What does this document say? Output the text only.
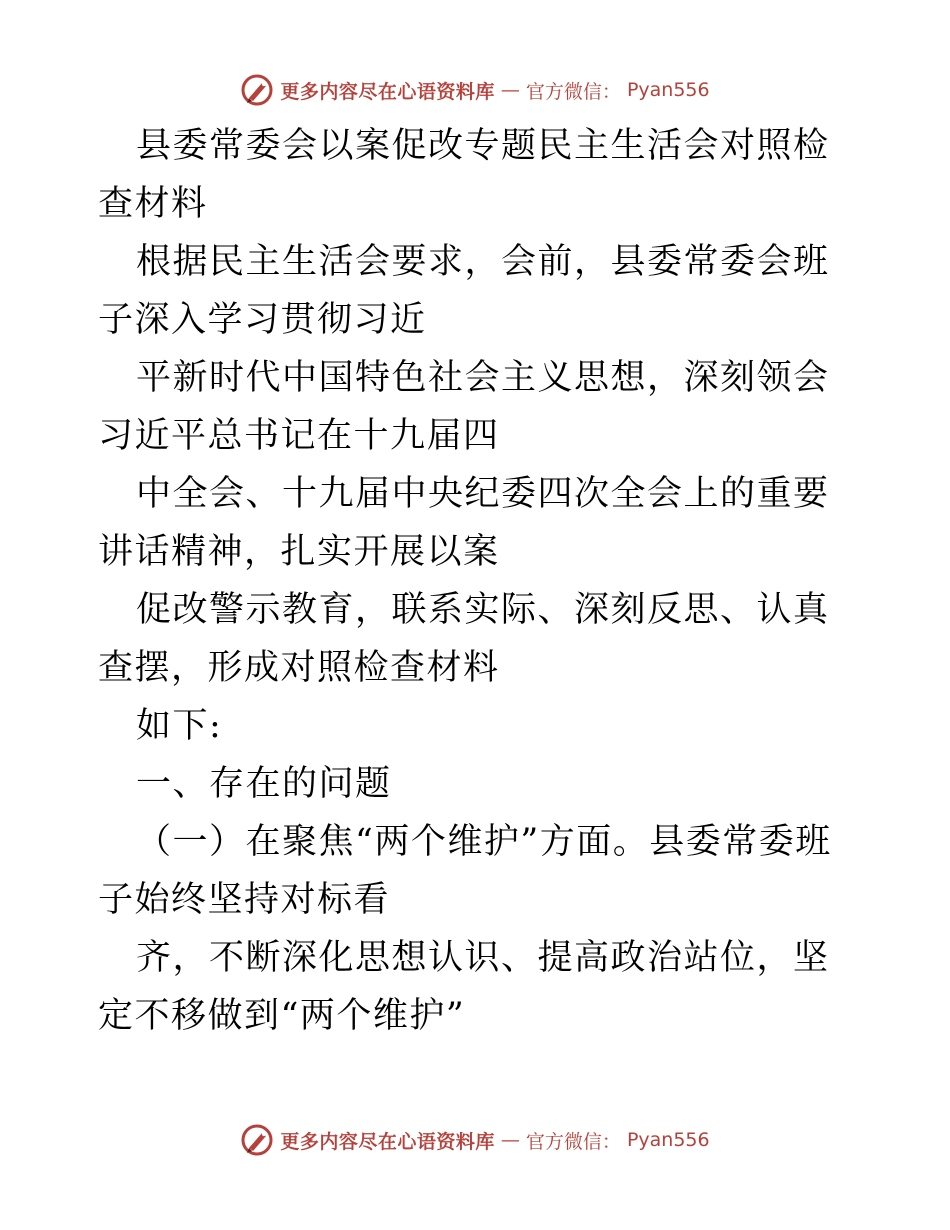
更多内容尽在心语资料库 — 官方微信： Pyan556

县委常委会以案促改专题民主生活会对照检查材料

根据民主生活会要求，会前，县委常委会班子深入学习贯彻习近

平新时代中国特色社会主义思想，深刻领会习近平总书记在十九届四

中全会、十九届中央纪委四次全会上的重要讲话精神，扎实开展以案

促改警示教育，联系实际、深刻反思、认真查摆，形成对照检查材料

如下:

一、存在的问题

（一）在聚焦“两个维护”方面。县委常委班子始终坚持对标看

齐，不断深化思想认识、提高政治站位，坚定不移做到“两个维护”

更多内容尽在心语资料库 — 官方微信： Pyan556
